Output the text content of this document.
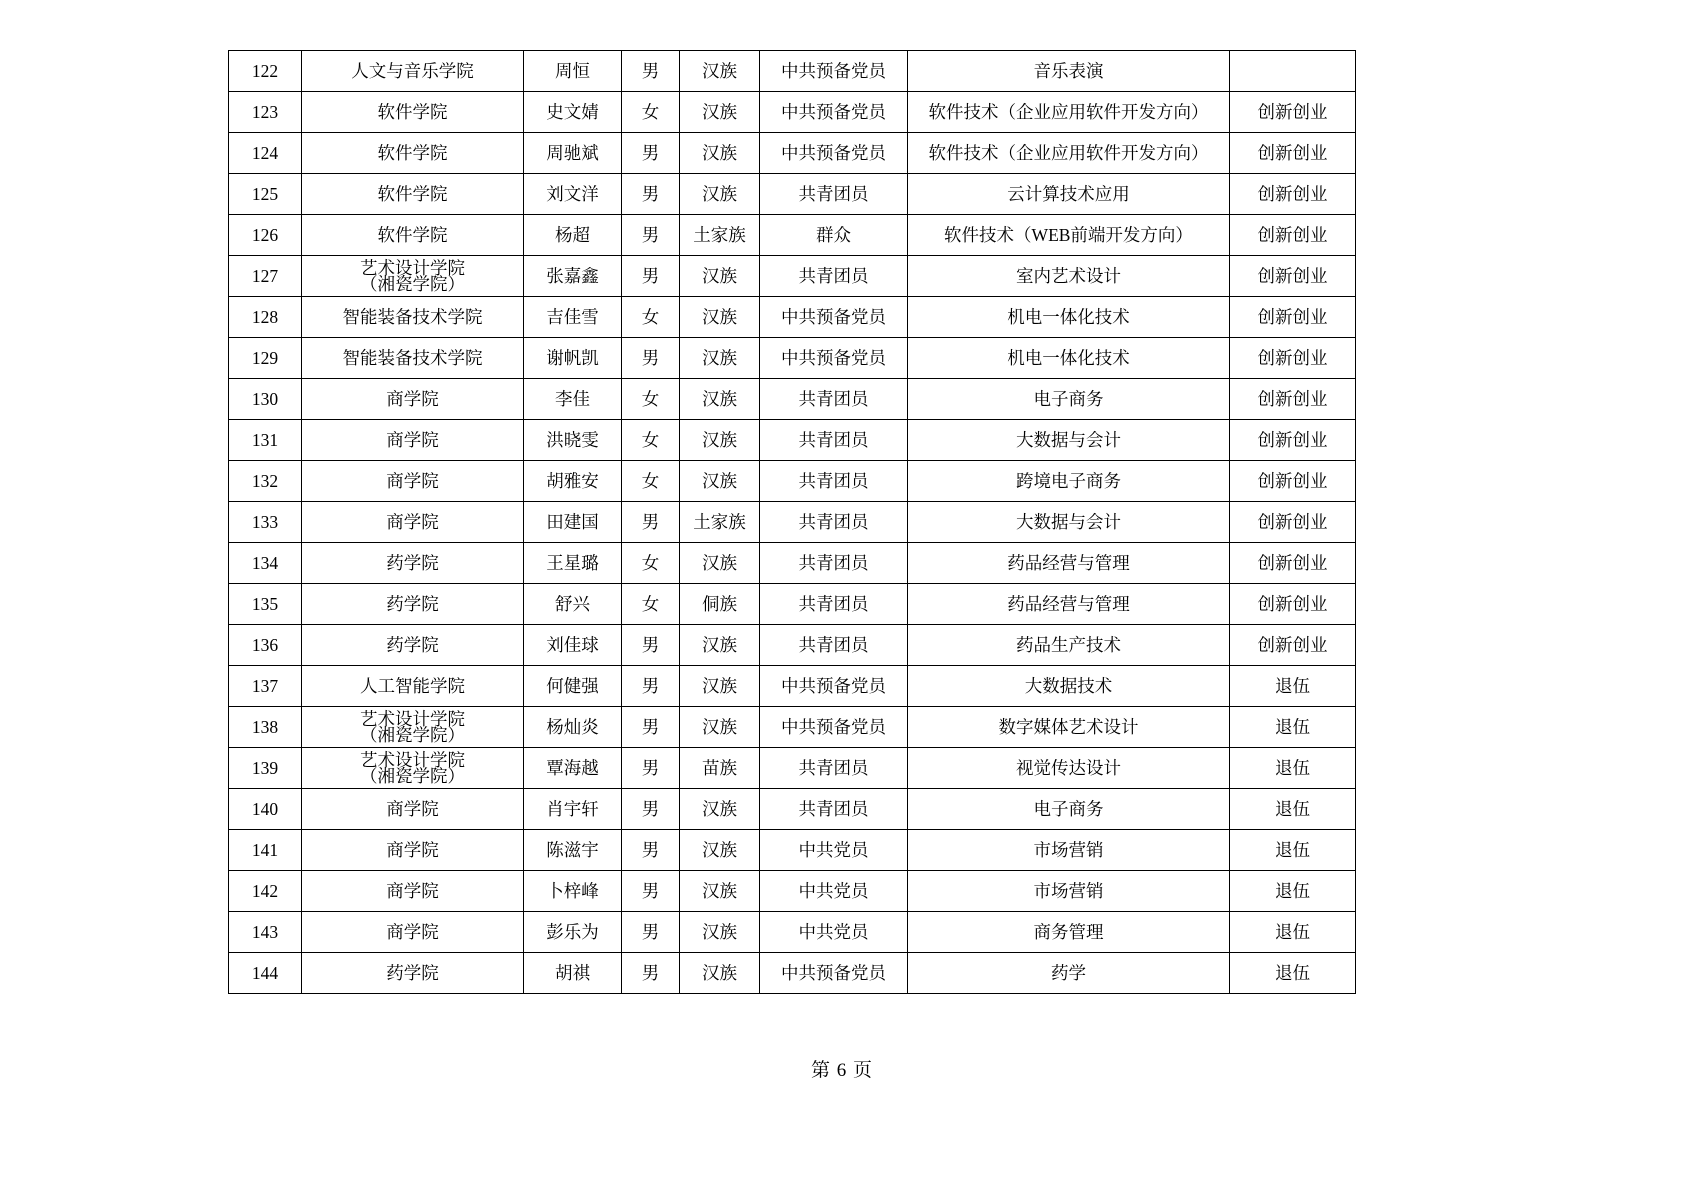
122	人文与音乐学院	周恒	男	汉族	中共预备党员	音乐表演	
123	软件学院	史文婧	女	汉族	中共预备党员	软件技术（企业应用软件开发方向）	创新创业
124	软件学院	周驰斌	男	汉族	中共预备党员	软件技术（企业应用软件开发方向）	创新创业
125	软件学院	刘文洋	男	汉族	共青团员	云计算技术应用	创新创业
126	软件学院	杨超	男	土家族	群众	软件技术（WEB前端开发方向）	创新创业
127	艺术设计学院
（湘瓷学院）	张嘉鑫	男	汉族	共青团员	室内艺术设计	创新创业
128	智能装备技术学院	吉佳雪	女	汉族	中共预备党员	机电一体化技术	创新创业
129	智能装备技术学院	谢帆凯	男	汉族	中共预备党员	机电一体化技术	创新创业
130	商学院	李佳	女	汉族	共青团员	电子商务	创新创业
131	商学院	洪晓雯	女	汉族	共青团员	大数据与会计	创新创业
132	商学院	胡雅安	女	汉族	共青团员	跨境电子商务	创新创业
133	商学院	田建国	男	土家族	共青团员	大数据与会计	创新创业
134	药学院	王星璐	女	汉族	共青团员	药品经营与管理	创新创业
135	药学院	舒兴	女	侗族	共青团员	药品经营与管理	创新创业
136	药学院	刘佳球	男	汉族	共青团员	药品生产技术	创新创业
137	人工智能学院	何健强	男	汉族	中共预备党员	大数据技术	退伍
138	艺术设计学院
（湘瓷学院）	杨灿炎	男	汉族	中共预备党员	数字媒体艺术设计	退伍
139	艺术设计学院
（湘瓷学院）	覃海越	男	苗族	共青团员	视觉传达设计	退伍
140	商学院	肖宇轩	男	汉族	共青团员	电子商务	退伍
141	商学院	陈滋宇	男	汉族	中共党员	市场营销	退伍
142	商学院	卜梓峰	男	汉族	中共党员	市场营销	退伍
143	商学院	彭乐为	男	汉族	中共党员	商务管理	退伍
144	药学院	胡祺	男	汉族	中共预备党员	药学	退伍
第 6 页
